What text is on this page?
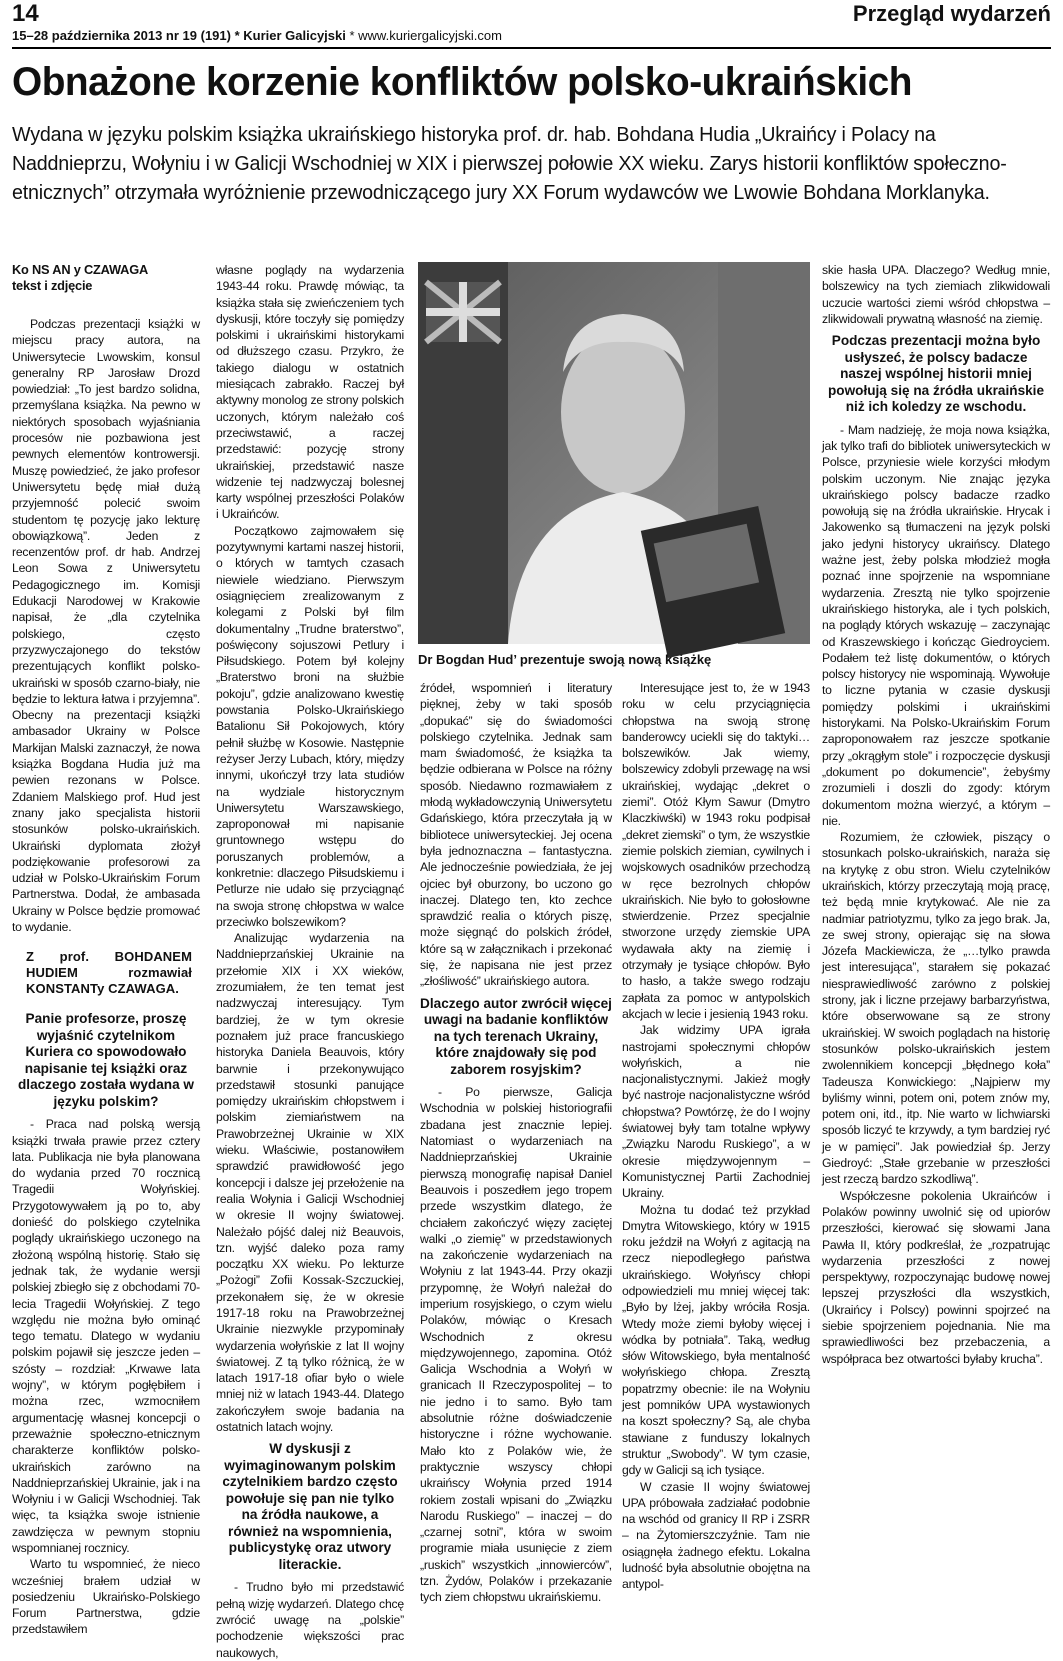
14
15–28 października 2013 nr 19 (191) * Kurier Galicyjski * www.kuriergalicyjski.com
Przegląd wydarzeń
Obnażone korzenie konfliktów polsko-ukraińskich
Wydana w języku polskim książka ukraińskiego historyka prof. dr. hab. Bohdana Hudia „Ukraińcy i Polacy na Naddnieprzu, Wołyniu i w Galicji Wschodniej w XIX i pierwszej połowie XX wieku. Zarys historii konfliktów społeczno-etnicznych” otrzymała wyróżnienie przewodniczącego jury XX Forum wydawców we Lwowie Bohdana Morklanyka.
Ko NS AN y CZAWAGA
tekst i zdjęcie

Podczas prezentacji książki w miejscu pracy autora, na Uniwersytecie Lwowskim, konsul generalny RP Jarosław Drozd powiedział: „To jest bardzo solidna, przemyślana książka. Na pewno w niektórych sposobach wyjaśniania procesów nie pozbawiona jest pewnych elementów kontrowersji. Muszę powiedzieć, że jako profesor Uniwersytetu będę miał dużą przyjemność polecić swoim studentom tę pozycję jako lekturę obowiązkową”. Jeden z recenzentów prof. dr hab. Andrzej Leon Sowa z Uniwersytetu Pedagogicznego im. Komisji Edukacji Narodowej w Krakowie napisał, że „dla czytelnika polskiego, często przyzwyczajonego do tekstów prezentujących konflikt polsko-ukraiński w sposób czarno-biały, nie będzie to lektura łatwa i przyjemna”. Obecny na prezentacji książki ambasador Ukrainy w Polsce Markijan Malski zaznaczył, że nowa książka Bogdana Hudia już ma pewien rezonans w Polsce. Zdaniem Malskiego prof. Hud jest znany jako specjalista historii stosunków polsko-ukraińskich. Ukraiński dyplomata złożył podziękowanie profesorowi za udział w Polsko-Ukraińskim Forum Partnerstwa. Dodał, że ambasada Ukrainy w Polsce będzie promować to wydanie.

Z prof. BOHDANEM HUDIEM rozmawiał KONSTANTy CZAWAGA.
Panie profesorze, proszę wyjaśnić czytelnikom Kuriera co spowodowało napisanie tej książki oraz dlaczego została wydana w języku polskim?

- Praca nad polską wersją książki trwała prawie przez cztery lata. Publikacja nie była planowana do wydania przed 70 rocznicą Tragedii Wołyńskiej. Przygotowywałem ją po to, aby donieść do polskiego czytelnika poglądy ukraińskiego uczonego na złożoną wspólną historię. Stało się jednak tak, że wydanie wersji polskiej zbiegło się z obchodami 70-lecia Tragedii Wołyńskiej. Z tego względu nie można było ominąć tego tematu. Dlatego w wydaniu polskim pojawił się jeszcze jeden – szósty – rozdział: „Krwawe lata wojny”, w którym pogłębiłem i można rzec, wzmocniłem argumentację własnej koncepcji o przeważnie społeczno-etnicznym charakterze konfliktów polsko-ukraińskich zarówno na Naddnieprzańskiej Ukrainie, jak i na Wołyniu i w Galicji Wschodniej. Tak więc, ta książka swoje istnienie zawdzięcza w pewnym stopniu wspomnianej rocznicy.

Warto tu wspomnieć, że nieco wcześniej brałem udział w posiedzeniu Ukraińsko-Polskiego Forum Partnerstwa, gdzie przedstawiłem

własne poglądy na wydarzenia 1943-44 roku. Prawdę mówiąc, ta książka stała się zwieńczeniem tych dyskusji, które toczyły się pomiędzy polskimi i ukraińskimi historykami od dłuższego czasu. Przykro, że takiego dialogu w ostatnich miesiącach zabrakło. Raczej był aktywny monolog ze strony polskich uczonych, którym należało coś przeciwstawić, a raczej przedstawić: pozycję strony ukraińskiej, przedstawić nasze widzenie tej nadzwyczaj bolesnej karty wspólnej przeszłości Polaków i Ukraińców.

Początkowo zajmowałem się pozytywnymi kartami naszej historii, o których w tamtych czasach niewiele wiedziano. Pierwszym osiągnięciem zrealizowanym z kolegami z Polski był film dokumentalny „Trudne braterstwo”, poświęcony sojuszowi Petlury i Piłsudskiego. Potem był kolejny „Braterstwo broni na służbie pokoju”, gdzie analizowano kwestię powstania Polsko-Ukraińskiego Batalionu Sił Pokojowych, który pełnił służbę w Kosowie. Następnie reżyser Jerzy Lubach, który, między innymi, ukończył trzy lata studiów na wydziale historycznym Uniwersytetu Warszawskiego, zaproponował mi napisanie gruntownego wstępu do poruszanych problemów, a konkretnie: dlaczego Piłsudskiemu i Petlurze nie udało się przyciągnąć na swoja stronę chłopstwa w walce przeciwko bolszewikom?

Analizując wydarzenia na Naddnieprzańskiej Ukrainie na przełomie XIX i XX wieków, zrozumiałem, że ten temat jest nadzwyczaj interesujący. Tym bardziej, że w tym okresie poznałem już prace francuskiego historyka Daniela Beauvois, który barwnie i przekonywująco przedstawił stosunki panujące pomiędzy ukraińskim chłopstwem i polskim ziemiaństwem na Prawobrzeżnej Ukrainie w XIX wieku. Właściwie, postanowiłem sprawdzić prawidłowość jego koncepcji i dalsze jej przełożenie na realia Wołynia i Galicji Wschodniej w okresie II wojny światowej. Należało pójść dalej niż Beauvois, tzn. wyjść daleko poza ramy początku XX wieku. Po lekturze „Pożogi” Zofii Kossak-Szczuckiej, przekonałem się, że w okresie 1917-18 roku na Prawobrzeżnej Ukrainie niezwykle przypominały wydarzenia wołyńskie z lat II wojny światowej. Z tą tylko różnicą, że w latach 1917-18 ofiar było o wiele mniej niż w latach 1943-44. Dlatego zakończyłem swoje badania na ostatnich latach wojny.

W dyskusji z wyimaginowanym polskim czytelnikiem bardzo często powołuje się pan nie tylko na źródła naukowe, a również na wspomnienia, publicystykę oraz utwory literackie.

- Trudno było mi przedstawić pełną wizję wydarzeń. Dlatego chcę zwrócić uwagę na „polskie” pochodzenie większości prac naukowych,

Dr Bogdan Hud’ prezentuje swoją nową książkę

źródeł, wspomnień i literatury pięknej, żeby w taki sposób „dopukać” się do świadomości polskiego czytelnika. Jednak sam mam świadomość, że książka ta będzie odbierana w Polsce na różny sposób. Niedawno rozmawiałem z młodą wykładowczynią Uniwersytetu Gdańskiego, która przeczytała ją w bibliotece uniwersyteckiej. Jej ocena była jednoznaczna – fantastyczna. Ale jednocześnie powiedziała, że jej ojciec był oburzony, bo uczono go inaczej. Dlatego ten, kto zechce sprawdzić realia o których piszę, może sięgnąć do polskich źródeł, które są w załącznikach i przekonać się, że napisana nie jest przez „złośliwość” ukraińskiego autora.

Dlaczego autor zwrócił więcej uwagi na badanie konfliktów na tych terenach Ukrainy, które znajdowały się pod zaborem rosyjskim?

- Po pierwsze, Galicja Wschodnia w polskiej historiografii zbadana jest znacznie lepiej. Natomiast o wydarzeniach na Naddnieprzańskiej Ukrainie pierwszą monografię napisał Daniel Beauvois i poszedłem jego tropem przede wszystkim dlatego, że chciałem zakończyć więzy zaciętej walki „o ziemię” w przedstawionych na zakończenie wydarzeniach na Wołyniu z lat 1943-44. Przy okazji przypomnę, że Wołyń należał do imperium rosyjskiego, o czym wielu Polaków, mówiąc o Kresach Wschodnich z okresu międzywojennego, zapomina. Otóż Galicja Wschodnia a Wołyń w granicach II Rzeczypospolitej – to nie jedno i to samo. Było tam absolutnie różne doświadczenie historyczne i różne wychowanie. Mało kto z Polaków wie, że praktycznie wszyscy chłopi ukraińscy Wołynia przed 1914 rokiem zostali wpisani do „Związku Narodu Ruskiego” – inaczej – do „czarnej sotni”, która w swoim programie miała usunięcie z ziem „ruskich” wszystkich „innowierców”, tzn. Żydów, Polaków i przekazanie tych ziem chłopstwu ukraińskiemu.

Interesujące jest to, że w 1943 roku w celu przyciągnięcia chłopstwa na swoją stronę banderowcy ucieklі się do taktyki… bolszewików. Jak wiemy, bolszewicy zdobyli przewagę na wsi ukraińskiej, wydając „dekret o ziemi”. Otóż Kłym Sawur (Dmytro Klaczkiwśki) w 1943 roku podpisał „dekret ziemski” o tym, że wszystkie ziemie polskich ziemian, cywilnych i wojskowych osadników przechodzą w ręce bezrolnych chłopów ukraińskich. Nie było to gołosłowne stwierdzenie. Przez specjalnie stworzone urzędy ziemskie UPA wydawała akty na ziemię i otrzymały je tysiące chłopów. Było to hasło, a także swego rodzaju zapłata za pomoc w antypolskich akcjach w lecie i jesienią 1943 roku.

Jak widzimy UPA igrała nastrojami społecznymi chłopów wołyńskich, a nie nacjonalistycznymi. Jakież mogły być nastroje nacjonalistyczne wśród chłopstwa? Powtórzę, że do I wojny światowej były tam totalne wpływy „Związku Narodu Ruskiego”, a w okresie międzywojennym – Komunistycznej Partii Zachodniej Ukrainy.

Można tu dodać też przykład Dmytra Witowskiego, który w 1915 roku jeździł na Wołyń z agitacją na rzecz niepodległego państwa ukraińskiego. Wołyńscy chłopi odpowiedzieli mu mniej więcej tak: „Było by lżej, jakby wróciła Rosja. Wtedy może ziemi byłoby więcej i wódka by potniała”. Taką, według słów Witowskiego, była mentalność wołyńskiego chłopa. Zresztą popatrzmy obecnie: ile na Wołyniu jest pomników UPA wystawionych na koszt społeczny? Są, ale chyba stawiane z funduszy lokalnych struktur „Swobody”. W tym czasie, gdy w Galicji są ich tysiące.

W czasie II wojny światowej UPA próbowała zadziałać podobnie na wschód od granicy II RP i ZSRR – na Żytomierszczyźnie. Tam nie osiągnęła żadnego efektu. Lokalna ludność była absolutnie obojętna na antypol-

skie hasła UPA. Dlaczego? Według mnie, bolszewicy na tych ziemiach zlikwidowali uczucie wartości ziemi wśród chłopstwa – zlikwidowali prywatną własność na ziemię.

Podczas prezentacji można było usłyszeć, że polscy badacze naszej wspólnej historii mniej powołują się na źródła ukraińskie niż ich koledzy ze wschodu.

- Mam nadzieję, że moja nowa książka, jak tylko trafi do bibliotek uniwersyteckich w Polsce, przyniesie wiele korzyści młodym polskim uczonym. Nie znając języka ukraińskiego polscy badacze rzadko powołują się na źródła ukraińskie. Hrycak i Jakowenko są tłumaczeni na język polski jako jedyni historycy ukraińscy. Dlatego ważne jest, żeby polska młodzież mogła poznać inne spojrzenie na wspomniane wydarzenia. Zresztą nie tylko spojrzenie ukraińskiego historyka, ale i tych polskich, na poglądy których wskazuję – zaczynając od Kraszewskiego i kończąc Giedroyciem. Podałem też listę dokumentów, o których polscy historycy nie wspominają. Wywołuje to liczne pytania w czasie dyskusji pomiędzy polskimi i ukraińskimi historykami. Na Polsko-Ukraińskim Forum zaproponowałem raz jeszcze spotkanie przy „okrągłym stole” i rozpoczęcie dyskusji „dokument po dokumencie”, żebyśmy zrozumieli i doszli do zgody: którym dokumentom można wierzyć, a którym – nie.

Rozumiem, że człowiek, piszący o stosunkach polsko-ukraińskich, naraża się na krytykę z obu stron. Wielu czytelników ukraińskich, którzy przeczytają moją pracę, też będą mnie krytykować. Ale nie za nadmiar patriotyzmu, tylko za jego brak. Ja, ze swej strony, opierając się na słowa Józefa Mackiewicza, że „…tylko prawda jest interesująca”, starałem się pokazać niesprawiedliwość zarówno z polskiej strony, jak i liczne przejawy barbarzyństwa, które obserwowane są ze strony ukraińskiej. W swoich poglądach na historię stosunków polsko-ukraińskich jestem zwolennikiem koncepcji „błędnego koła” Tadeusza Konwickiego: „Najpierw my byliśmy winni, potem oni, potem znów my, potem oni, itd., itp. Nie warto w lichwiarski sposób liczyć te krzywdy, a tym bardziej ryć je w pamięci”. Jak powiedział śp. Jerzy Giedroyć: „Stałe grzebanie w przeszłości jest rzeczą bardzo szkodliwą”.

Współczesne pokolenia Ukraińców i Polaków powinny uwolnić się od upiorów przeszłości, kierować się słowami Jana Pawła II, który podkreślał, że „rozpatrując wydarzenia przeszłości z nowej perspektywy, rozpoczynając budowę nowej lepszej przyszłości dla wszystkich, (Ukraińcy i Polscy) powinni spojrzeć na siebie spojrzeniem pojednania. Nie ma sprawiedliwości bez przebaczenia, a współpraca bez otwartości byłaby krucha”.
